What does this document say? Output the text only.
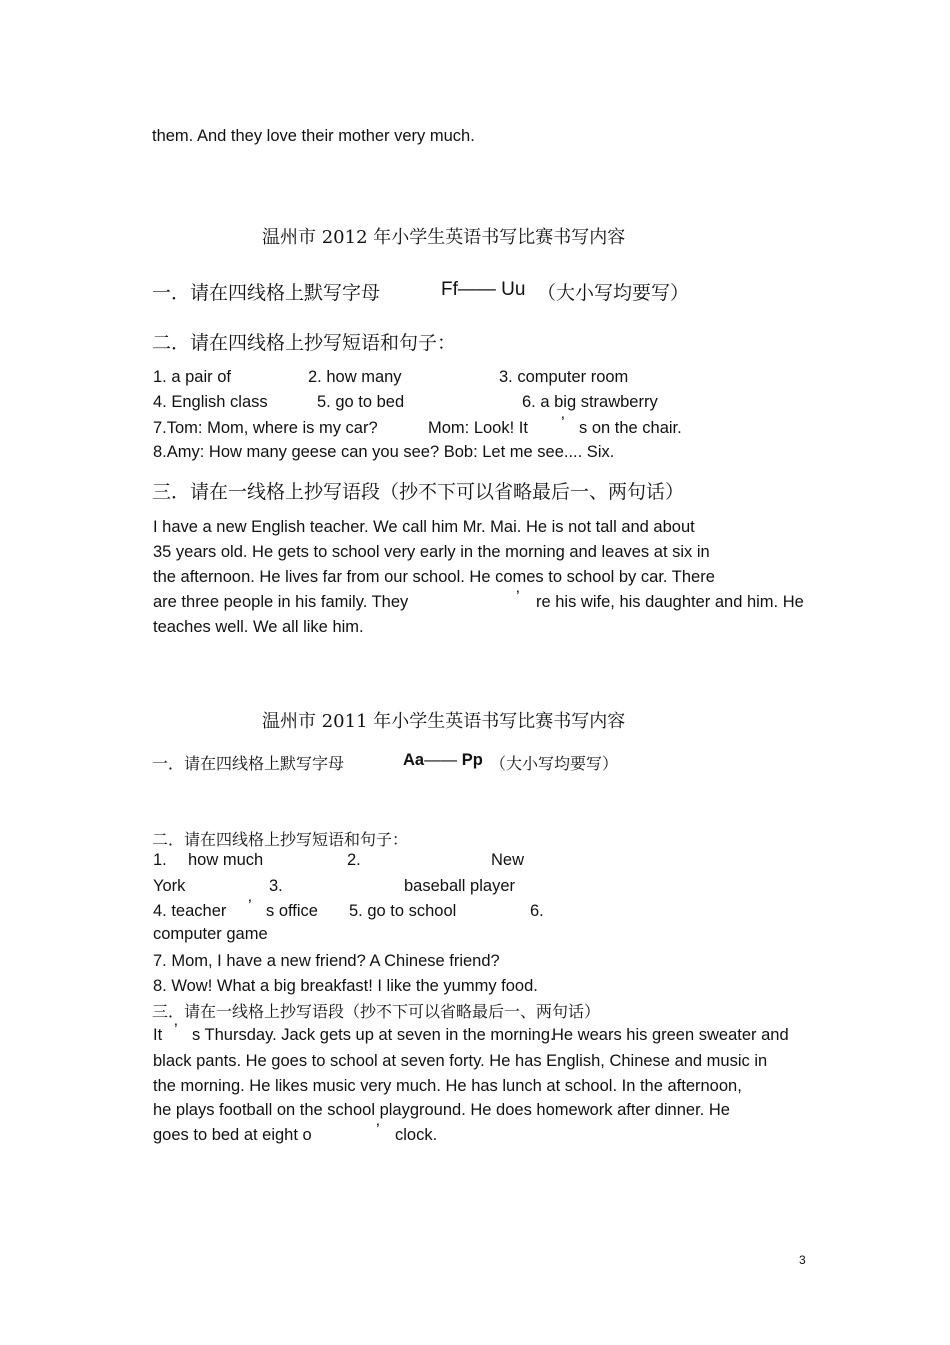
them. And they love their mother very much.
温州市 2012 年小学生英语书写比赛书写内容
一．请在四线格上默写字母	Ff—— Uu （大小写均要写）
二．请在四线格上抄写短语和句子：
1. a pair of	2. how many	3. computer room
4. English class	5. go to bed	6. a big strawberry
7.Tom: Mom, where is my car?	Mom: Look! It ’ s on the chair.
8.Amy: How many geese can you see? Bob: Let me see.... Six.
三．请在一线格上抄写语段（抄不下可以省略最后一、两句话）
I have a new English teacher. We call him Mr. Mai. He is not tall and about
35 years old. He gets to school very early in the morning and leaves at six in
the afternoon. He lives far from our school. He comes to school by car. There
are three people in his family. They	’ re his wife, his daughter and him. He
teaches well. We all like him.
温州市 2011 年小学生英语书写比赛书写内容
一．请在四线格上默写字母	Aa—— Pp （大小写均要写）
二．请在四线格上抄写短语和句子：
1. how much	2.	New
York	3.	baseball player
4. teacher ’ s office 5. go to school	6.
computer game
7. Mom, I have a new friend? A Chinese friend?
8. Wow! What a big breakfast! I like the yummy food.
三．请在一线格上抄写语段（抄不下可以省略最后一、两句话）
It ’ s Thursday. Jack gets up at seven in the morning.
He wears his green sweater and
black pants. He goes to school at seven forty. He has English, Chinese and music in
the morning. He likes music very much. He has lunch at school. In the afternoon,
he plays football on the school playground. He does homework after dinner. He
goes to bed at eight o	’ clock.
3
